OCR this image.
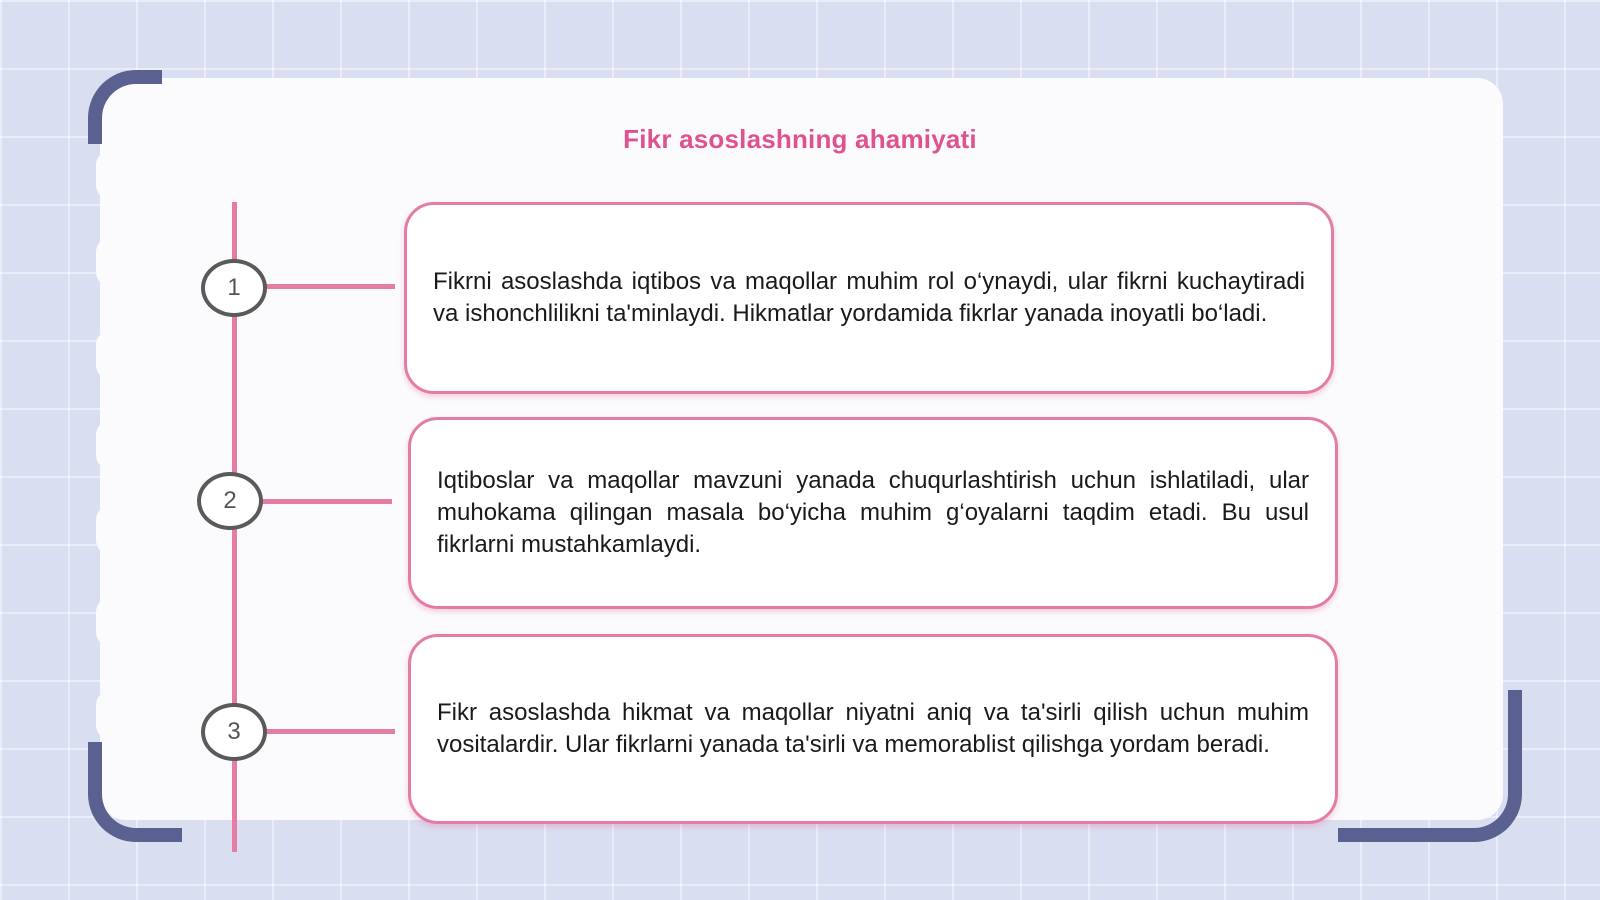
Fikr asoslashning ahamiyati
1
2
3

Fikrni asoslashda iqtibos va maqollar muhim rol o‘ynaydi, ular fikrni kuchaytiradi va ishonchlilikni ta'minlaydi. Hikmatlar yordamida fikrlar yanada inoyatli bo‘ladi.

Iqtiboslar va maqollar mavzuni yanada chuqurlashtirish uchun ishlatiladi, ular muhokama qilingan masala bo‘yicha muhim g‘oyalarni taqdim etadi. Bu usul fikrlarni mustahkamlaydi.

Fikr asoslashda hikmat va maqollar niyatni aniq va ta'sirli qilish uchun muhim vositalardir. Ular fikrlarni yanada ta'sirli va memorablist qilishga yordam beradi.
